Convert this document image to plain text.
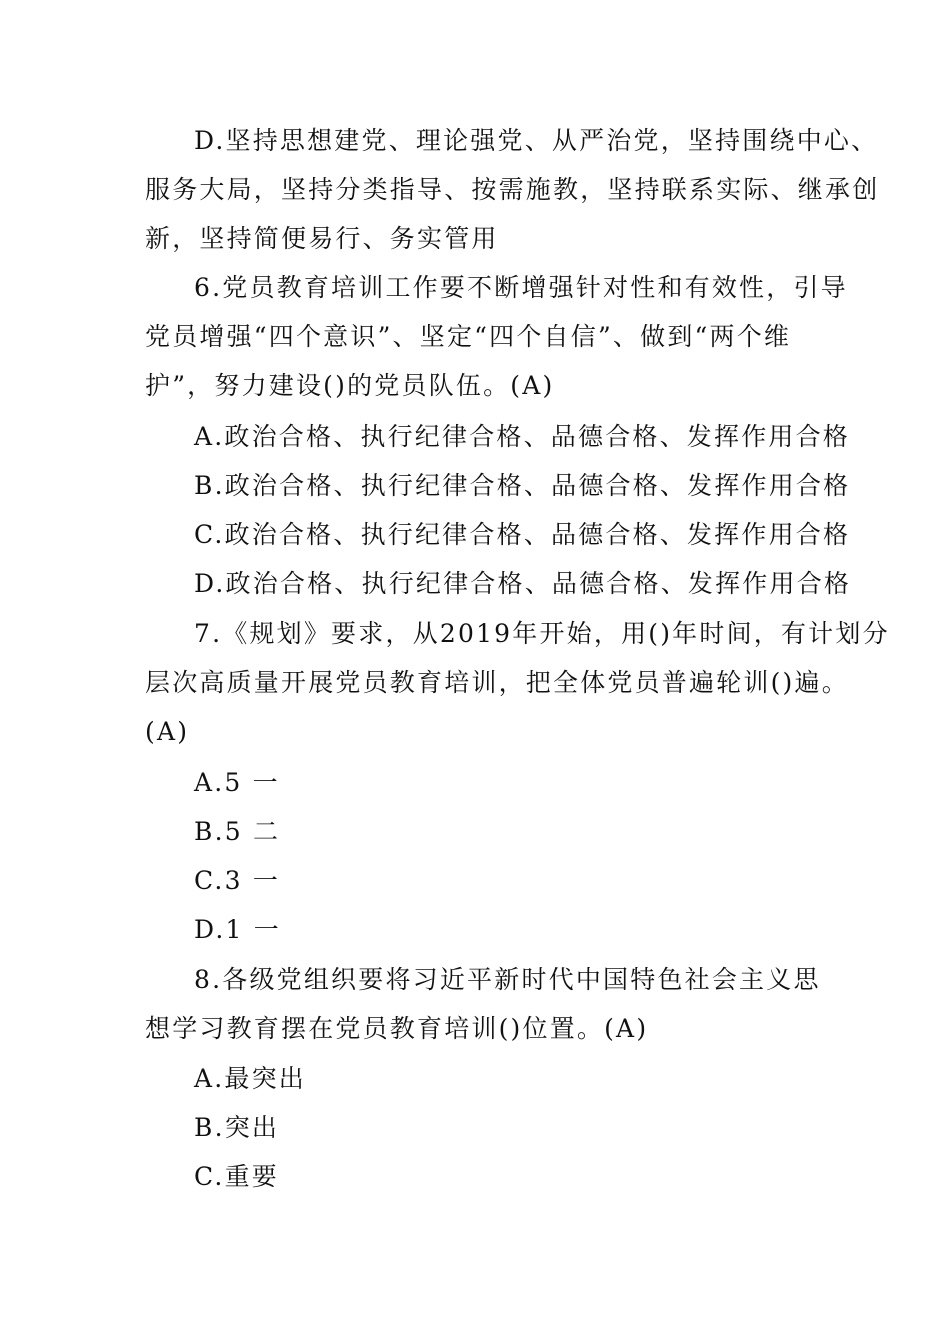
D.坚持思想建党、理论强党、从严治党，坚持围绕中心、
服务大局，坚持分类指导、按需施教，坚持联系实际、继承创
新，坚持简便易行、务实管用
6.党员教育培训工作要不断增强针对性和有效性，引导
党员增强“四个意识”、坚定“四个自信”、做到“两个维
护”，努力建设()的党员队伍。(A)
A.政治合格、执行纪律合格、品德合格、发挥作用合格
B.政治合格、执行纪律合格、品德合格、发挥作用合格
C.政治合格、执行纪律合格、品德合格、发挥作用合格
D.政治合格、执行纪律合格、品德合格、发挥作用合格
7.《规划》要求，从2019年开始，用()年时间，有计划分
层次高质量开展党员教育培训，把全体党员普遍轮训()遍。
(A)
A.5 一
B.5 二
C.3 一
D.1 一
8.各级党组织要将习近平新时代中国特色社会主义思
想学习教育摆在党员教育培训()位置。(A)
A.最突出
B.突出
C.重要
